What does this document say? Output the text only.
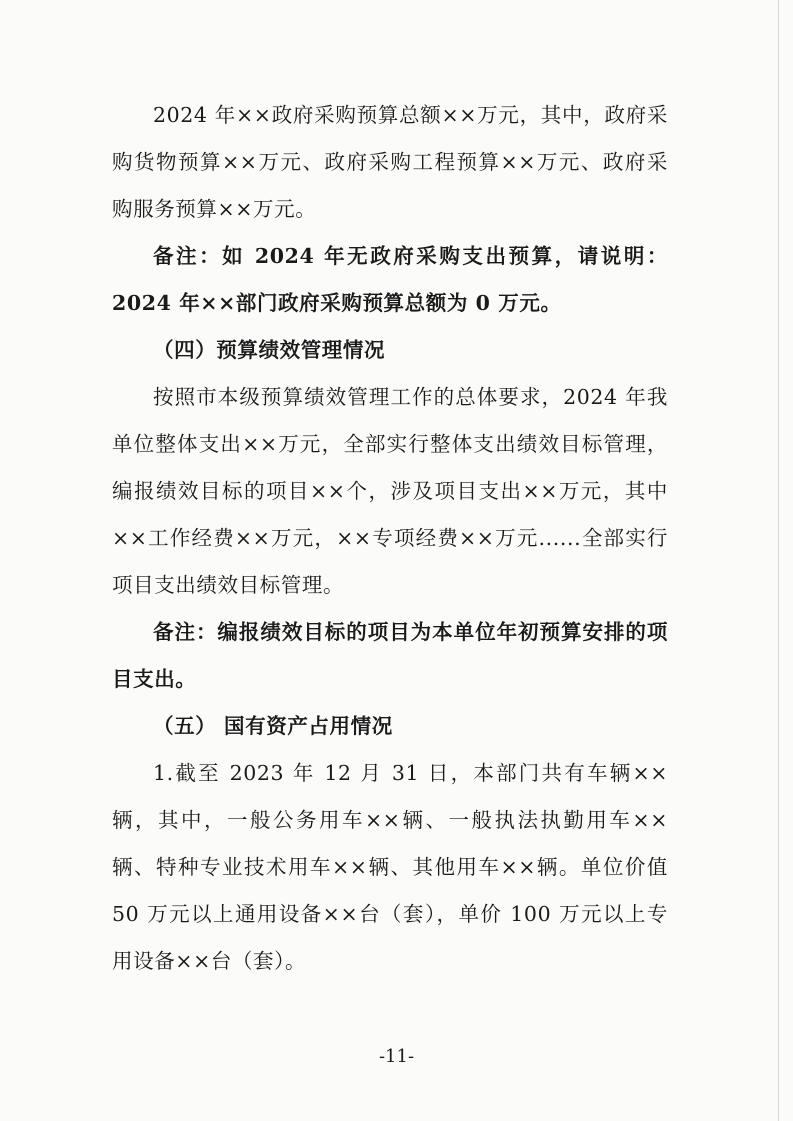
2024 年××政府采购预算总额××万元，其中，政府采购货物预算××万元、政府采购工程预算××万元、政府采购服务预算××万元。

备注：如 2024 年无政府采购支出预算，请说明：2024 年××部门政府采购预算总额为 0 万元。

（四）预算绩效管理情况

按照市本级预算绩效管理工作的总体要求，2024 年我单位整体支出××万元，全部实行整体支出绩效目标管理，编报绩效目标的项目××个，涉及项目支出××万元，其中××工作经费××万元，××专项经费××万元......全部实行项目支出绩效目标管理。

备注：编报绩效目标的项目为本单位年初预算安排的项目支出。

（五） 国有资产占用情况

1.截至 2023 年 12 月 31 日，本部门共有车辆××辆，其中，一般公务用车××辆、一般执法执勤用车××辆、特种专业技术用车××辆、其他用车××辆。单位价值 50 万元以上通用设备××台（套），单价 100 万元以上专用设备××台（套）。

-11-
